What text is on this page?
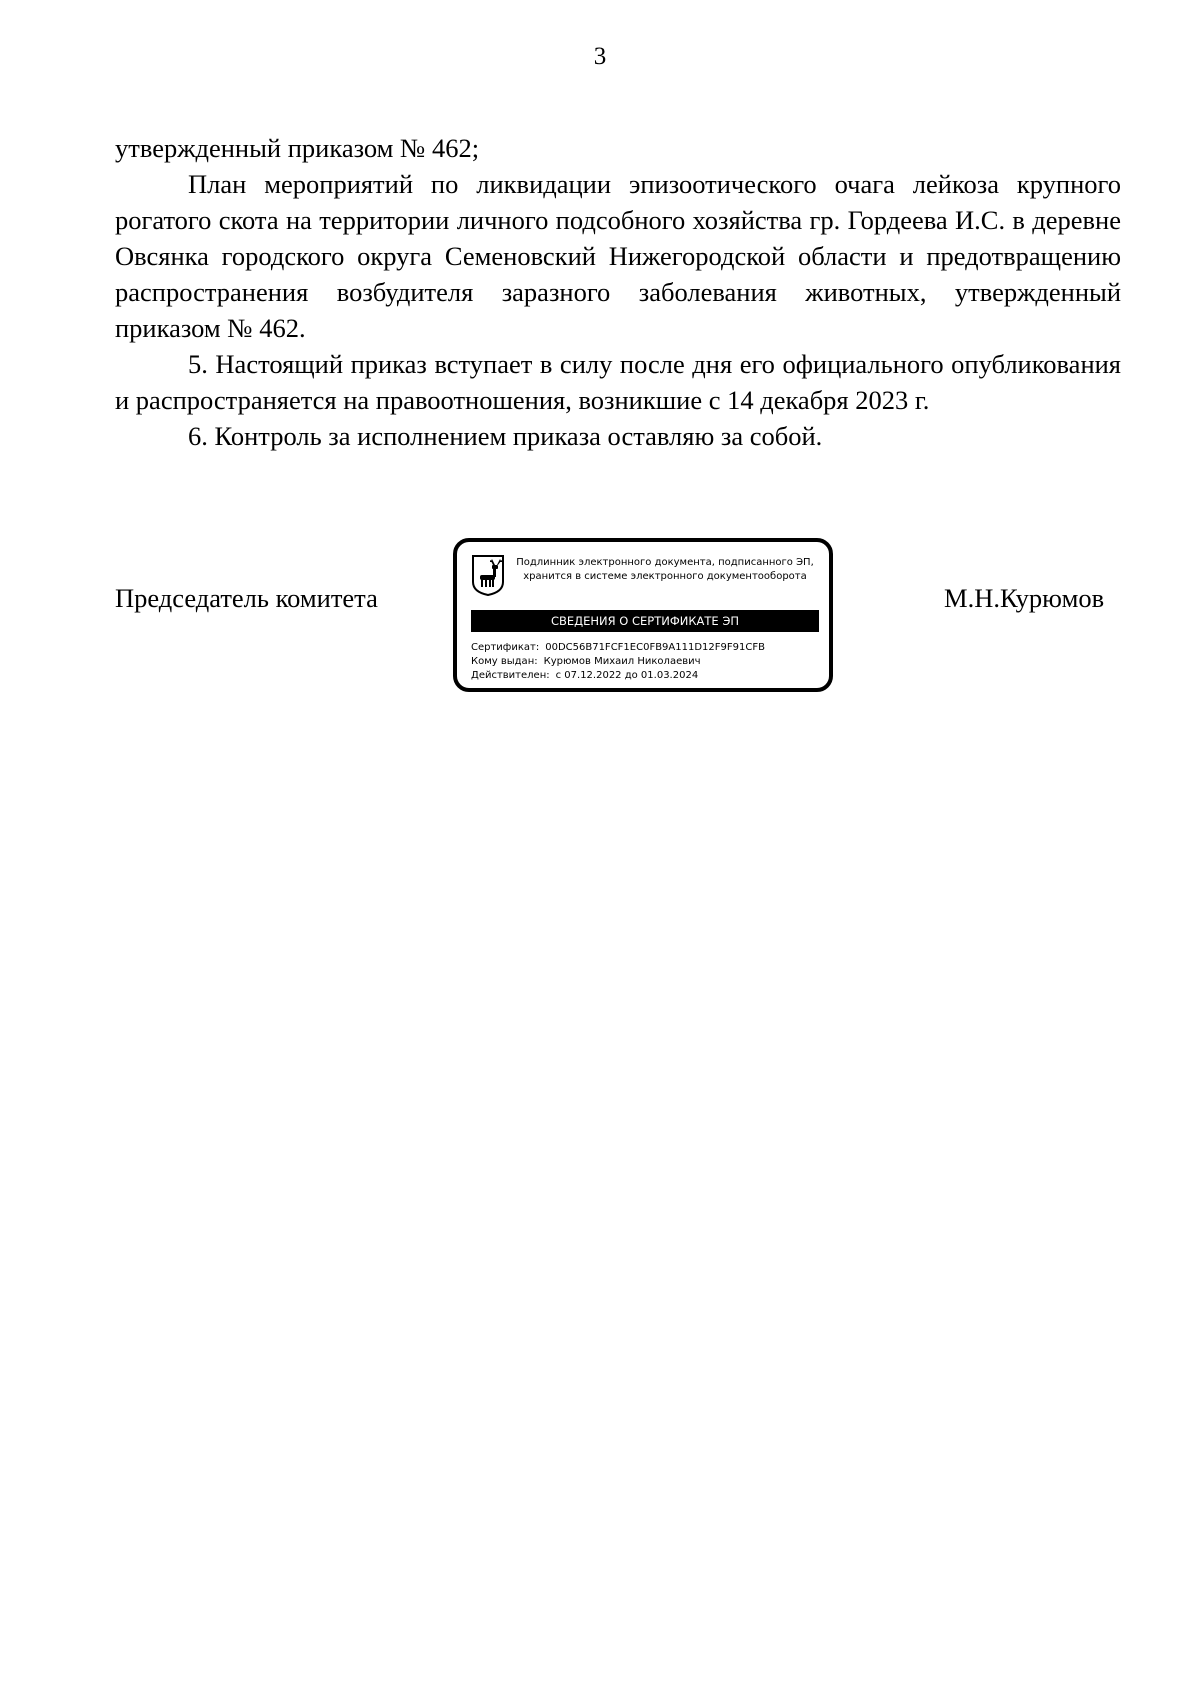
3

утвержденный приказом № 462;

План мероприятий по ликвидации эпизоотического очага лейкоза крупного рогатого скота на территории личного подсобного хозяйства гр. Гордеева И.С. в деревне Овсянка городского округа Семеновский Нижегородской области и предотвращению распространения возбудителя заразного заболевания животных, утвержденный приказом № 462.

5. Настоящий приказ вступает в силу после дня его официального опубликования и распространяется на правоотношения, возникшие с 14 декабря 2023 г.

6. Контроль за исполнением приказа оставляю за собой.

Председатель комитета	М.Н.Курюмов
Подлинник электронного документа, подписанного ЭП,
хранится в системе электронного документооборота
СВЕДЕНИЯ О СЕРТИФИКАТЕ ЭП
Сертификат: 00DC56B71FCF1EC0FB9A111D12F9F91CFB
Кому выдан: Курюмов Михаил Николаевич
Действителен: с 07.12.2022 до 01.03.2024
